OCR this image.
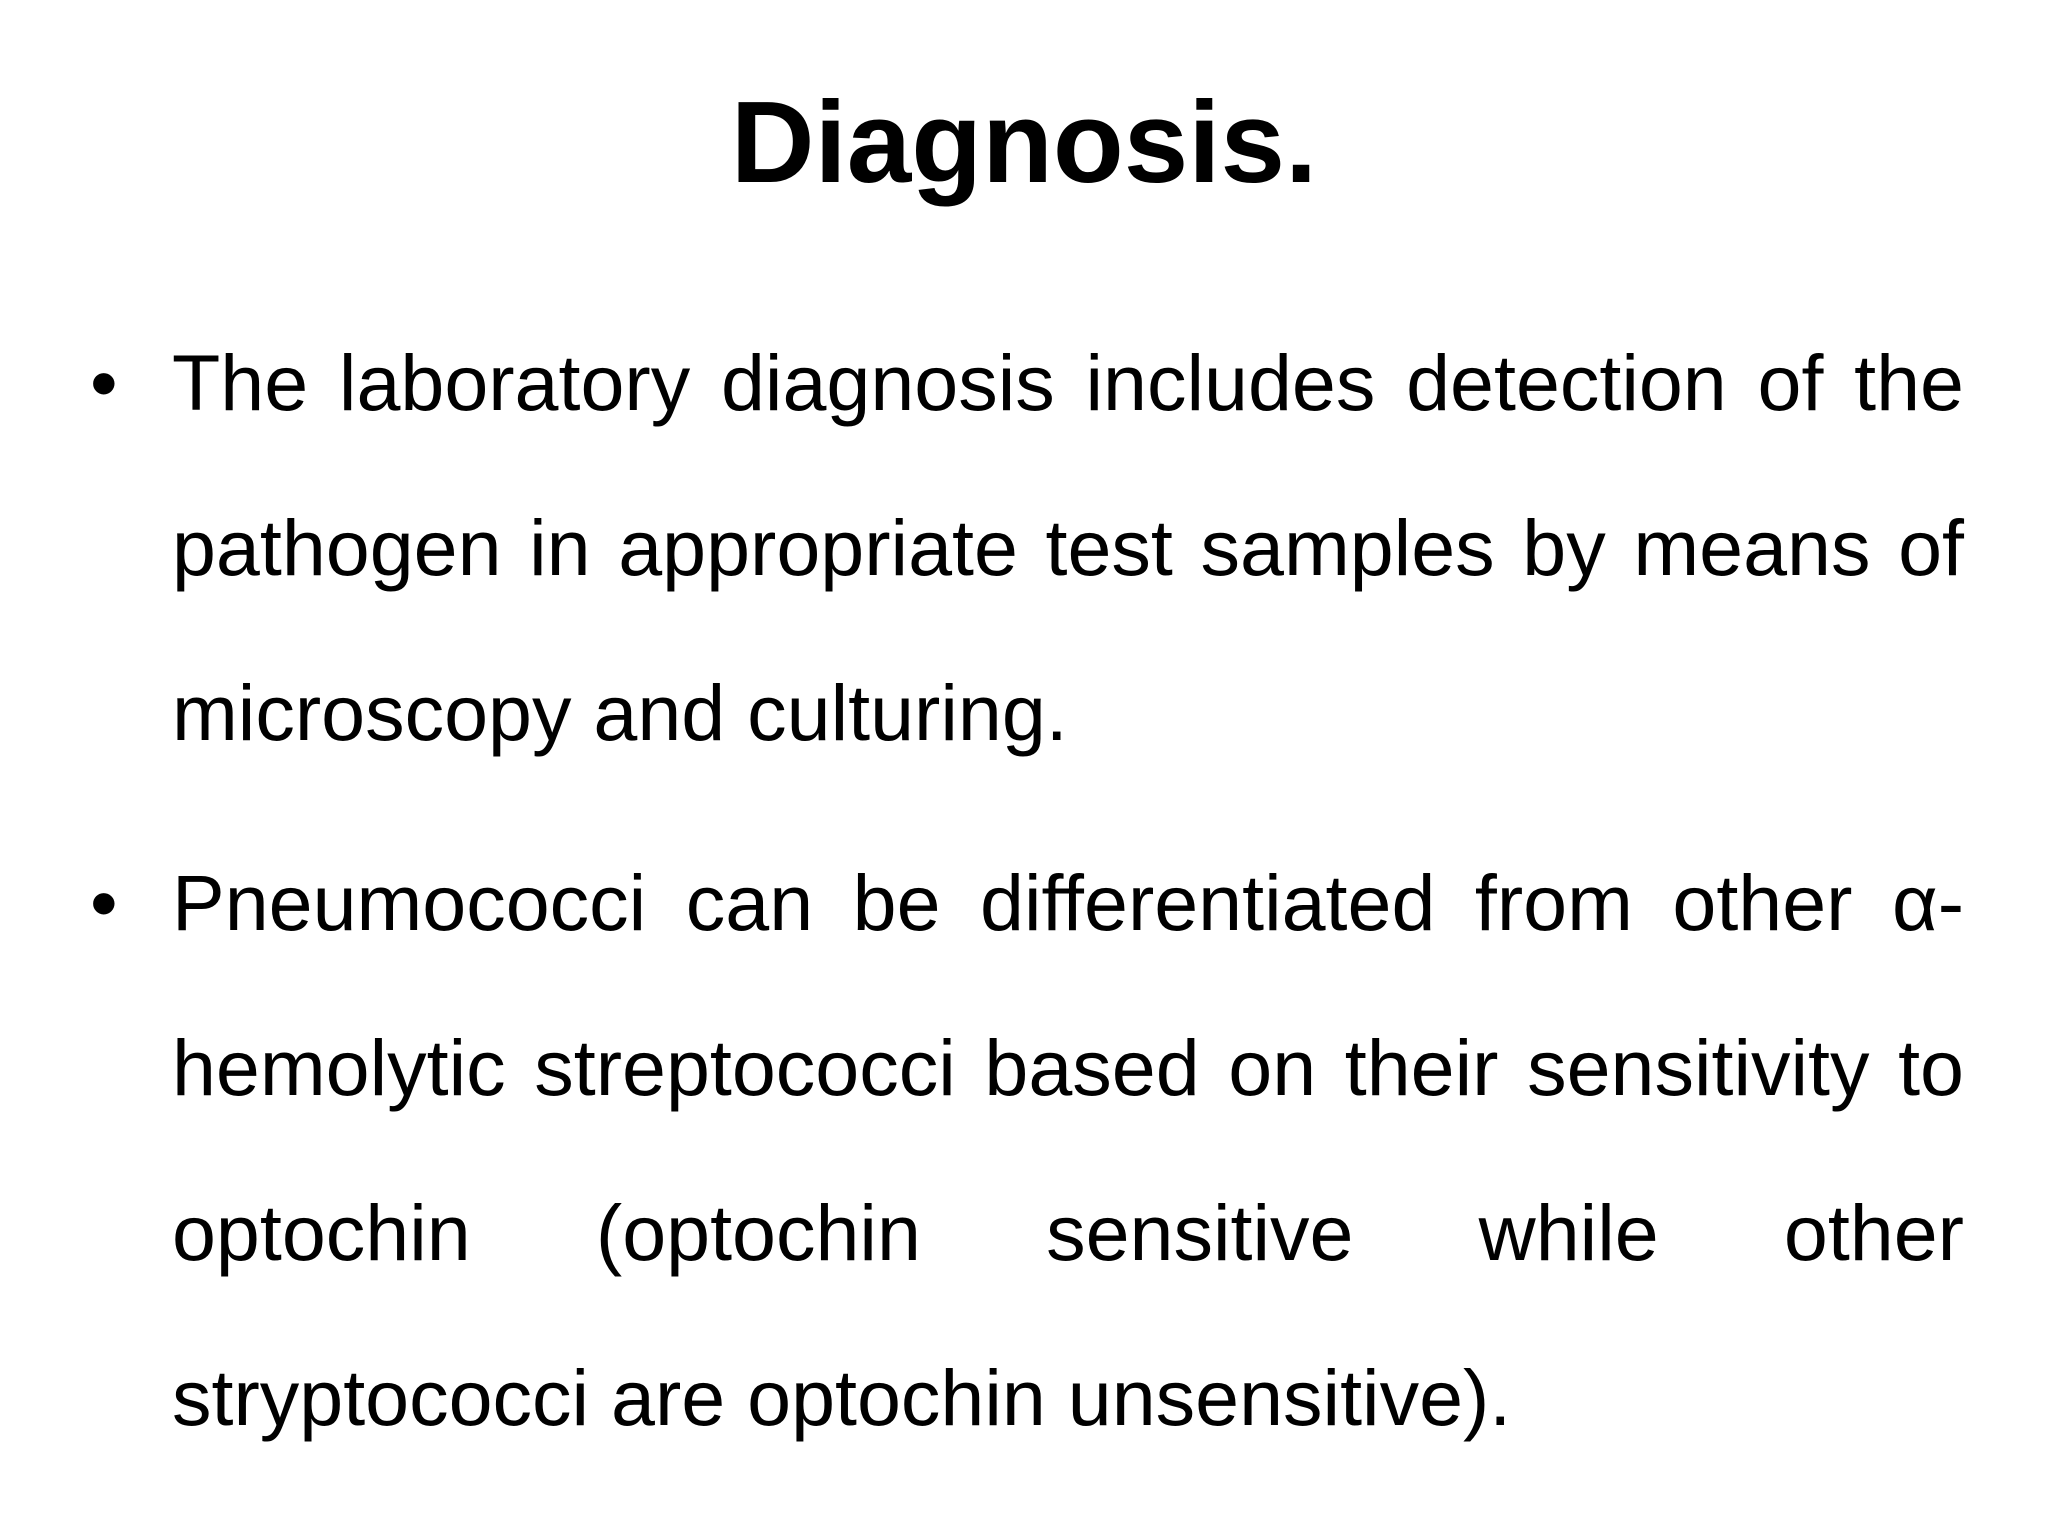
Diagnosis.
• The laboratory diagnosis includes detection of the pathogen in appropriate test samples by means of microscopy and culturing.
• Pneumococci can be differentiated from other α-hemolytic streptococci based on their sensitivity to optochin (optochin sensitive while other stryptococci are optochin unsensitive).
